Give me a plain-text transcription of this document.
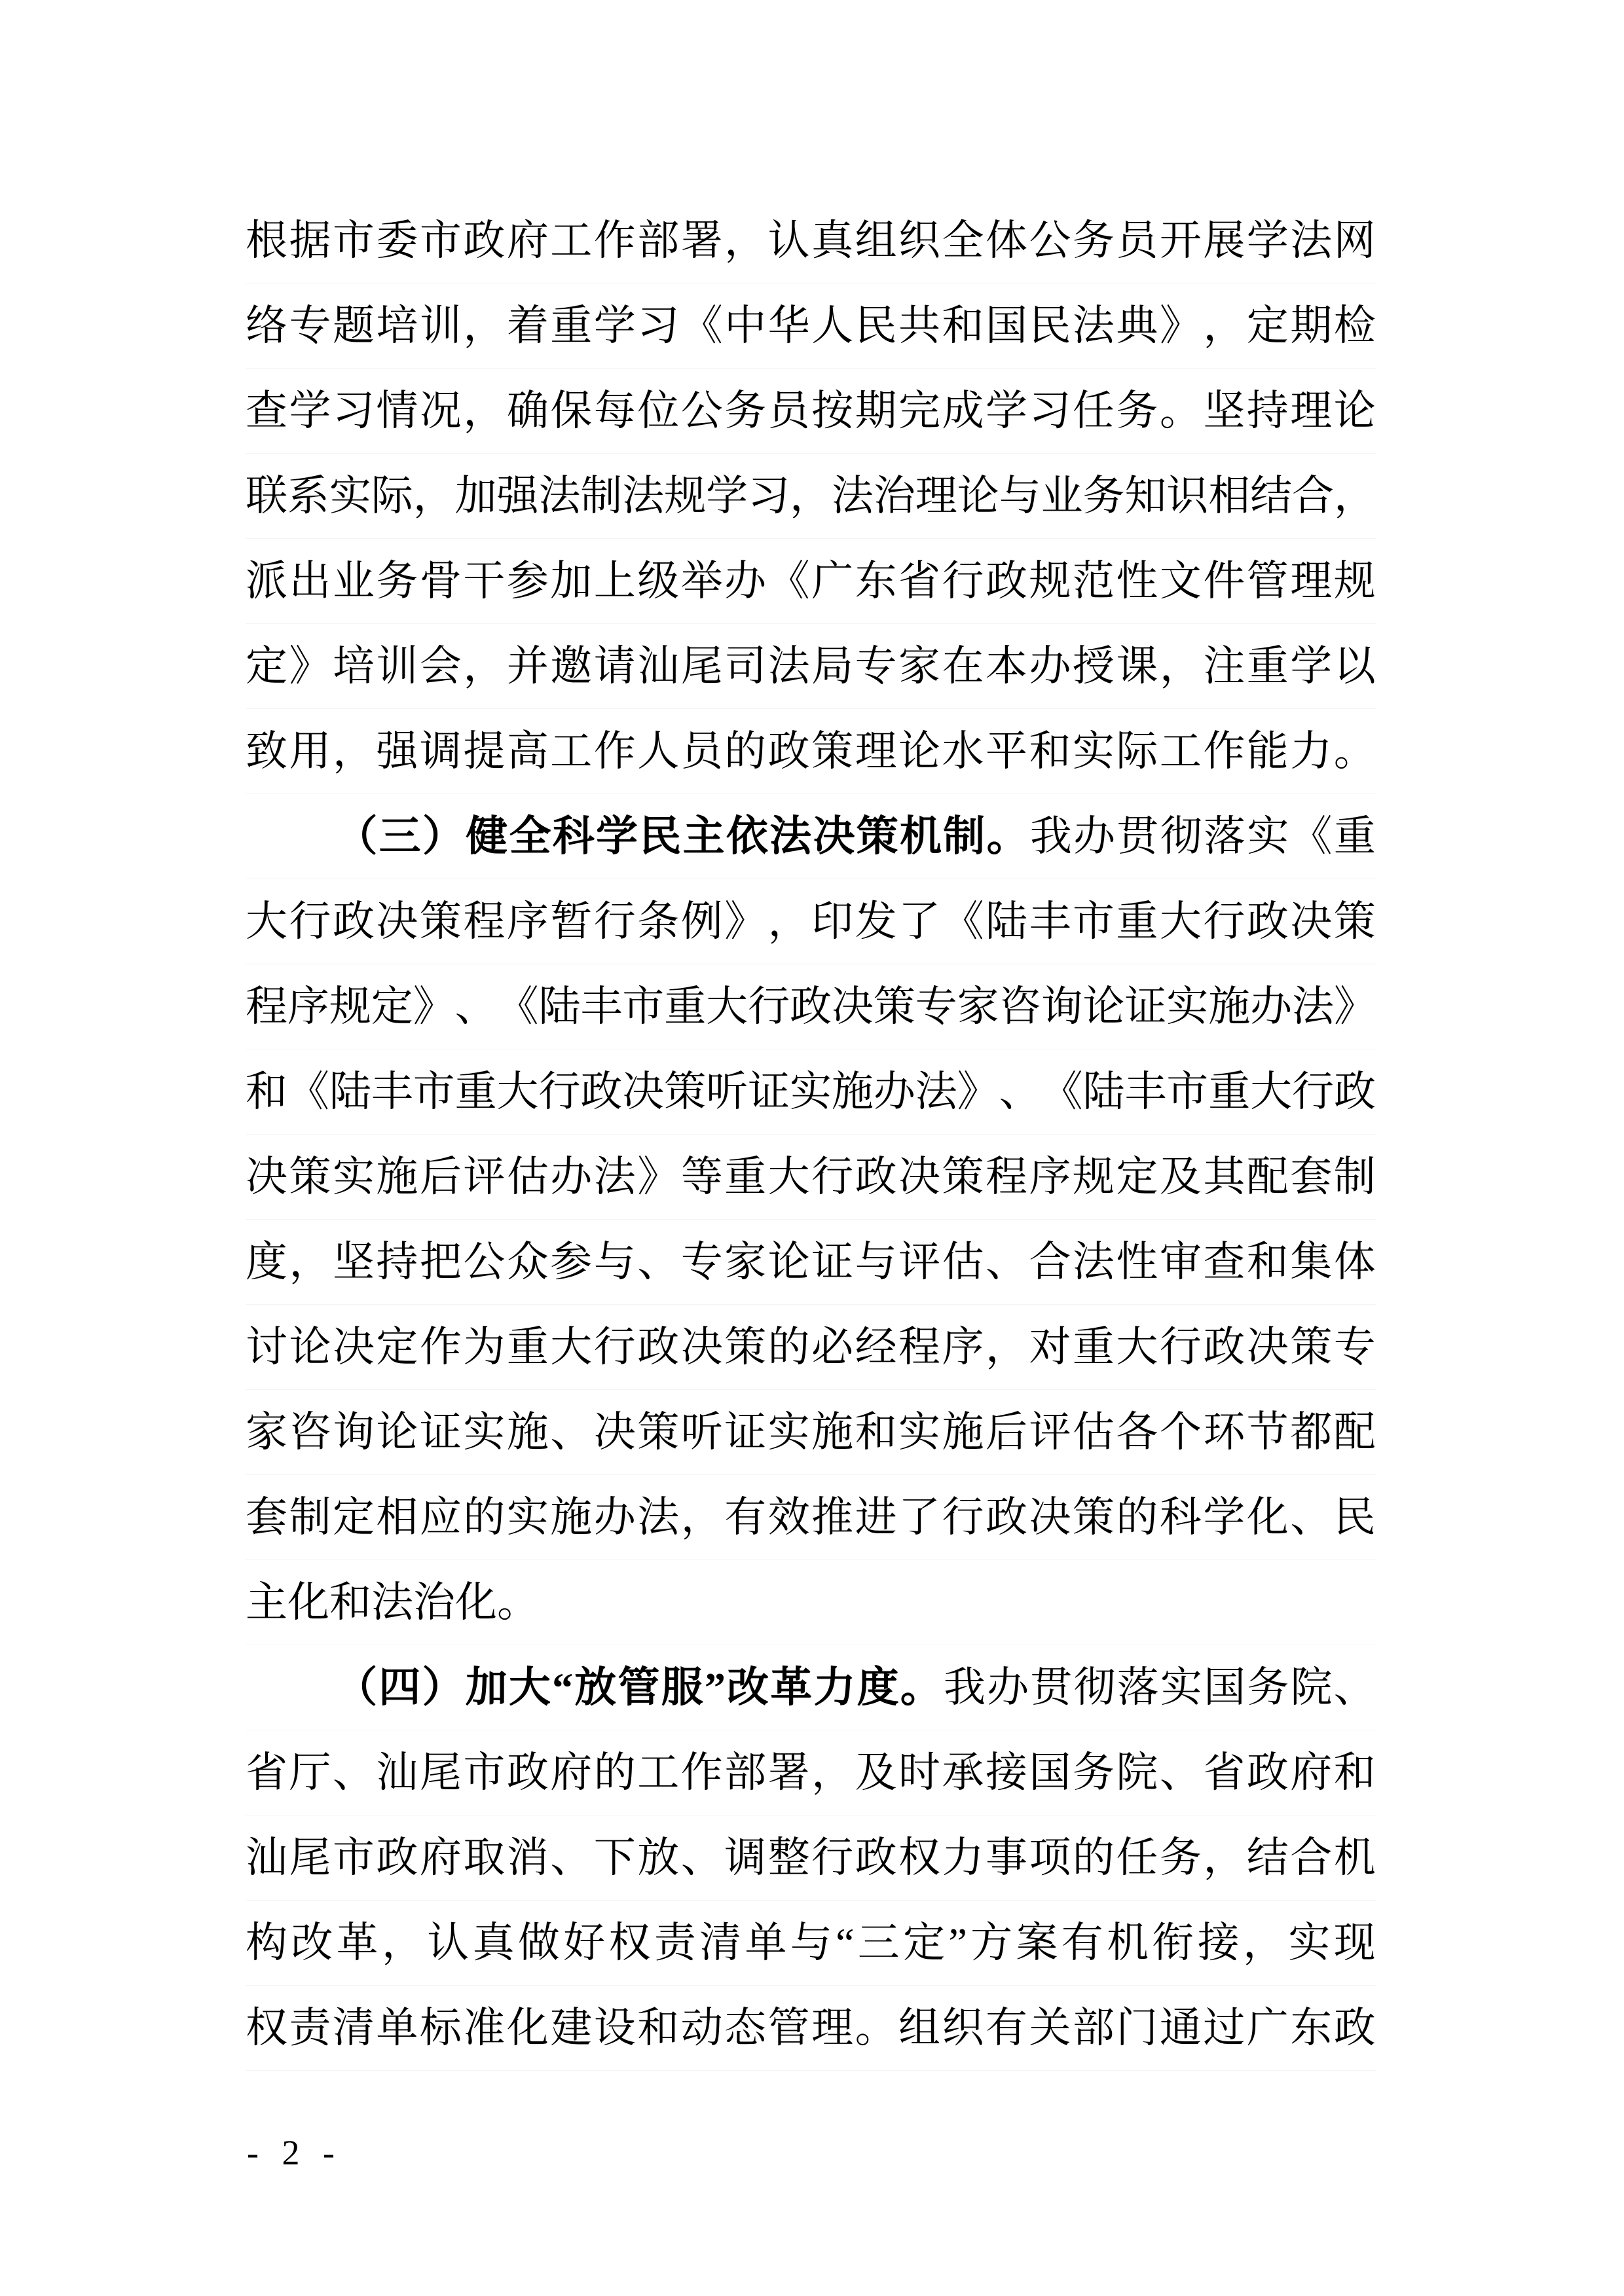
根 据 市 委 市 政 府 工 作 部 署 ， 认 真 组 织 全 体 公 务 员 开 展 学 法 网
络 专 题 培 训 ， 着 重 学 习 《 中 华 人 民 共 和 国 民 法 典 》 ， 定 期 检
查 学 习 情 况 ， 确 保 每 位 公 务 员 按 期 完 成 学 习 任 务 。 坚 持 理 论
联 系 实 际 ， 加 强 法 制 法 规 学 习 ， 法 治 理 论 与 业 务 知 识 相 结 合 ，
派 出 业 务 骨 干 参 加 上 级 举 办 《 广 东 省 行 政 规 范 性 文 件 管 理 规
定 》 培 训 会 ， 并 邀 请 汕 尾 司 法 局 专 家 在 本 办 授 课 ， 注 重 学 以
致 用 ， 强 调 提 高 工 作 人 员 的 政 策 理 论 水 平 和 实 际 工 作 能 力 。
（ 三 ） 健 全 科 学 民 主 依 法 决 策 机 制 。 我 办 贯 彻 落 实 《 重
大 行 政 决 策 程 序 暂 行 条 例 》 ， 印 发 了 《 陆 丰 市 重 大 行 政 决 策
程 序 规 定 》 、 《 陆 丰 市 重 大 行 政 决 策 专 家 咨 询 论 证 实 施 办 法 》
和 《 陆 丰 市 重 大 行 政 决 策 听 证 实 施 办 法 》 、 《 陆 丰 市 重 大 行 政
决 策 实 施 后 评 估 办 法 》 等 重 大 行 政 决 策 程 序 规 定 及 其 配 套 制
度 ， 坚 持 把 公 众 参 与 、 专 家 论 证 与 评 估 、 合 法 性 审 查 和 集 体
讨 论 决 定 作 为 重 大 行 政 决 策 的 必 经 程 序 ， 对 重 大 行 政 决 策 专
家 咨 询 论 证 实 施 、 决 策 听 证 实 施 和 实 施 后 评 估 各 个 环 节 都 配
套 制 定 相 应 的 实 施 办 法 ， 有 效 推 进 了 行 政 决 策 的 科 学 化 、 民
主 化 和 法 治 化 。
（ 四 ） 加 大 “ 放 管 服 ” 改 革 力 度 。 我 办 贯 彻 落 实 国 务 院 、
省 厅 、 汕 尾 市 政 府 的 工 作 部 署 ， 及 时 承 接 国 务 院 、 省 政 府 和
汕 尾 市 政 府 取 消 、 下 放 、 调 整 行 政 权 力 事 项 的 任 务 ， 结 合 机
构 改 革 ， 认 真 做 好 权 责 清 单 与 “ 三 定 ” 方 案 有 机 衔 接 ， 实 现
权 责 清 单 标 准 化 建 设 和 动 态 管 理 。 组 织 有 关 部 门 通 过 广 东 政
- 2 -
